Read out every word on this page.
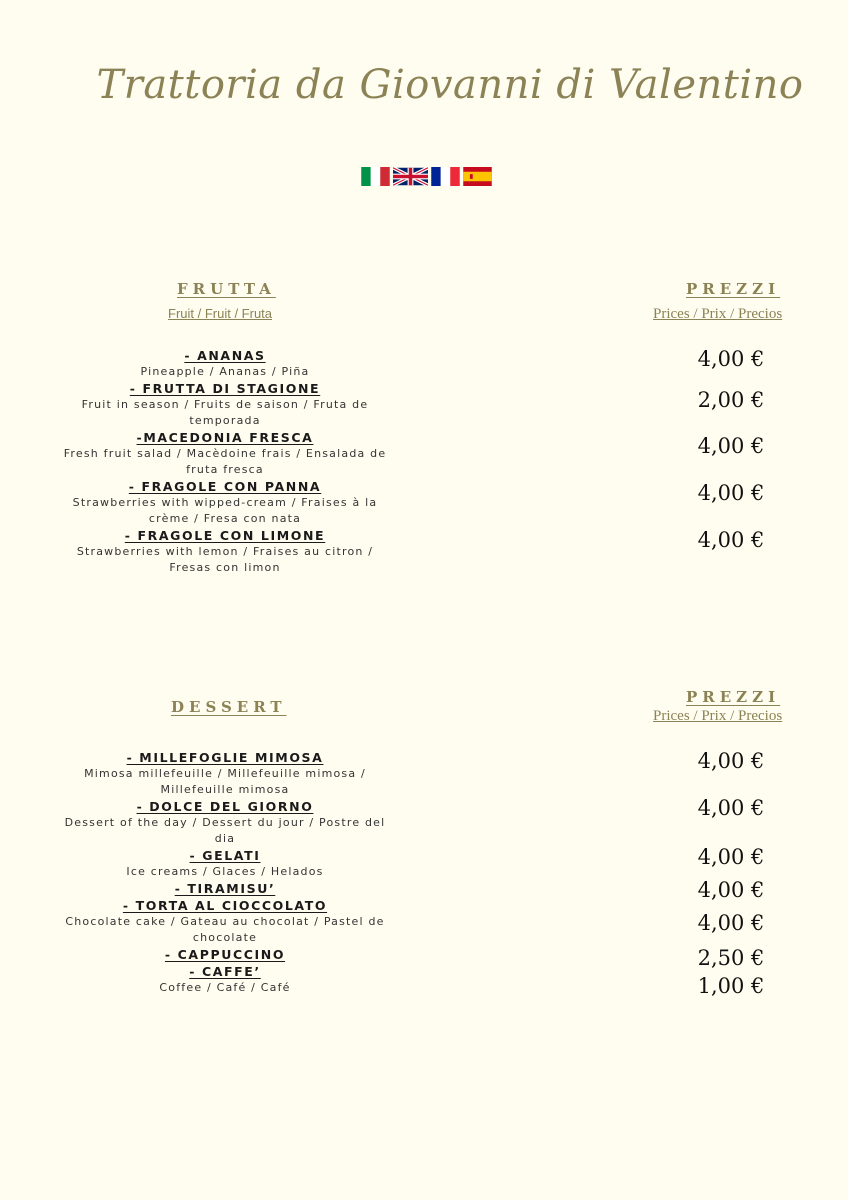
Trattoria da Giovanni di Valentino
FRUTTA
Fruit / Fruit / Fruta
PREZZI
Prices / Prix / Precios
- ANANAS
Pineapple / Ananas / Piña
- FRUTTA DI STAGIONE
Fruit in season / Fruits de saison / Fruta de temporada
-MACEDONIA FRESCA
Fresh fruit salad / Macèdoine frais / Ensalada de fruta fresca
- FRAGOLE CON PANNA
Strawberries with wipped-cream / Fraises à la crème / Fresa con nata
- FRAGOLE CON LIMONE
Strawberries with lemon / Fraises au citron / Fresas con limon
4,00 €
2,00 €
4,00 €
4,00 €
4,00 €
DESSERT
PREZZI
Prices / Prix / Precios
- MILLEFOGLIE MIMOSA
Mimosa millefeuille / Millefeuille mimosa / Millefeuille mimosa
- DOLCE DEL GIORNO
Dessert of the day / Dessert du jour / Postre del dia
- GELATI
Ice creams / Glaces / Helados
- TIRAMISU’
- TORTA AL CIOCCOLATO
Chocolate cake / Gateau au chocolat / Pastel de chocolate
- CAPPUCCINO
- CAFFE’
Coffee / Café / Café
4,00 €
4,00 €
4,00 €
4,00 €
4,00 €
2,50 €
1,00 €
